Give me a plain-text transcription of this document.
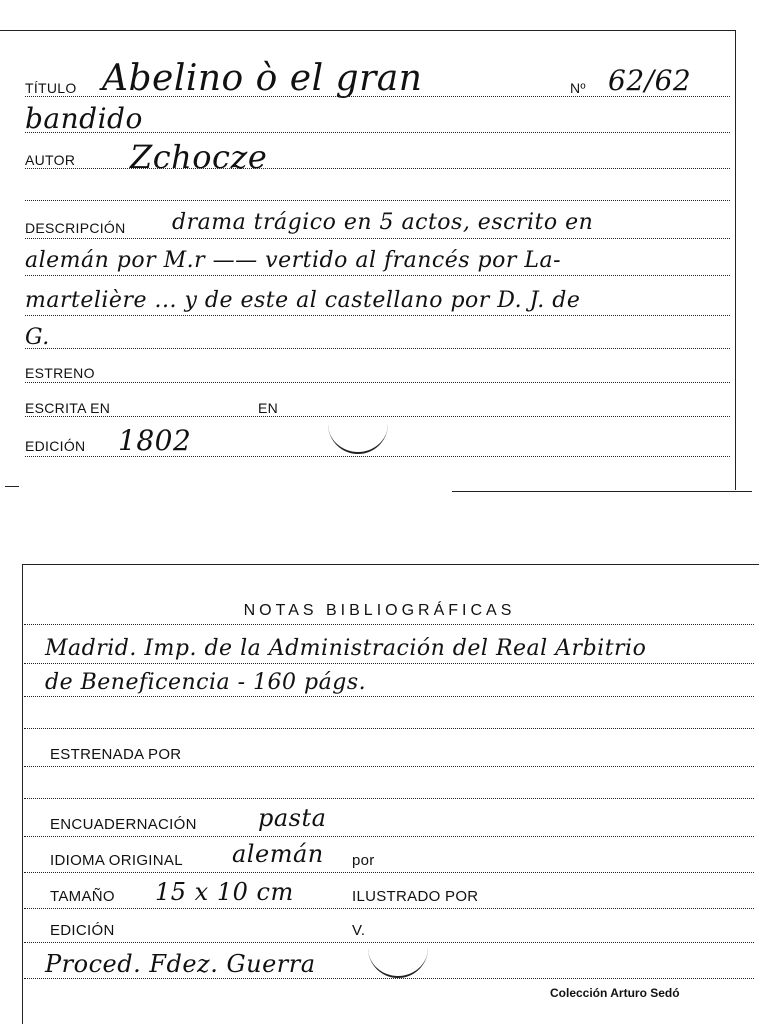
TÍTULO Abelino ò el gran	Nº 62/62
bandido
AUTOR Zchocze
DESCRIPCIÓN drama trágico en 5 actos, escrito en
alemán por M.r —— vertido al francés por La-
martelière ... y de este al castellano por D. J. de
G.
ESTRENO
ESCRITA EN	EN
EDICIÓN 1802
NOTAS BIBLIOGRÁFICAS
Madrid. Imp. de la Administración del Real Arbitrio
de Beneficencia - 160 págs.
ESTRENADA POR
ENCUADERNACIÓN	pasta
IDIOMA ORIGINAL alemán por
TAMAÑO 15 x 10 cm	ILUSTRADO POR
EDICIÓN	V.
Proced. Fdez. Guerra
Colección Arturo Sedó
